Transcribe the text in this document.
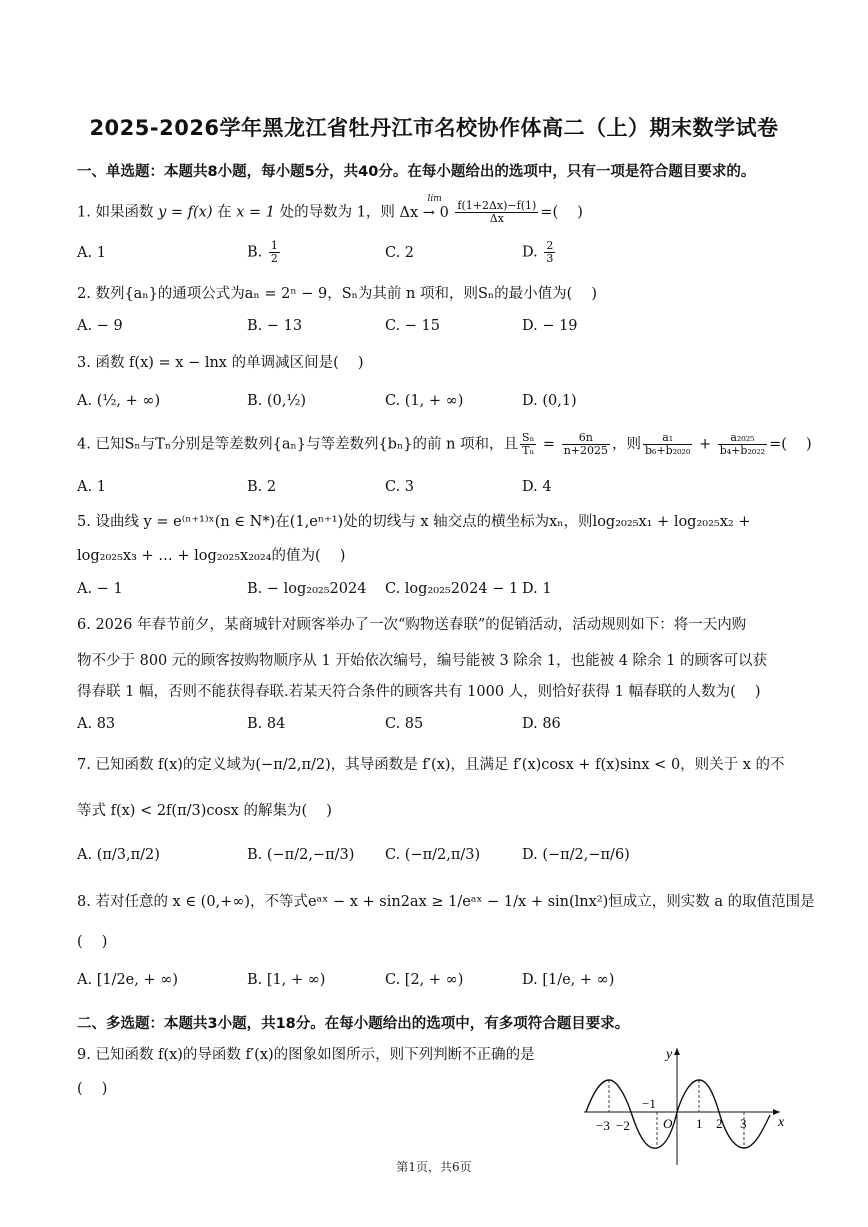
2025-2026学年黑龙江省牡丹江市名校协作体高二（上）期末数学试卷
一、单选题：本题共8小题，每小题5分，共40分。在每小题给出的选项中，只有一项是符合题目要求的。
1. 如果函数 y = f(x) 在 x = 1 处的导数为 1，则
lim
$\Delta x \to 0 \frac{f(1+2\Delta x)-f(1)}{\Delta x}$ =(　 )
A. 1	B. $\frac{1}{2}$	C. 2	D. $\frac{2}{3}$
2. 数列{aₙ}的通项公式为aₙ = 2ⁿ − 9，Sₙ为其前 n 项和，则Sₙ的最小值为(　 )
A. − 9	B. − 13	C. − 15	D. − 19
3. 函数 f(x) = x − lnx 的单调减区间是(　 )
A. (½, + ∞)	B. (0,½)	C. (1, + ∞)	D. (0,1)
4. 已知Sₙ与Tₙ分别是等差数列{aₙ}与等差数列{bₙ}的前 n 项和，且 $\frac{\text{Sₙ}}{\text{Tₙ}} = \frac{6n}{n+2025}$ ，则 $\frac{\text{a₁}}{\text{b₆+b₂₀₂₀}} + \frac{\text{a₂₀₂₅}}{\text{b₄+b₂₀₂₂}}$ =(　 )
A. 1	B. 2	C. 3	D. 4
5. 设曲线 y = e⁽ⁿ⁺¹⁾ˣ(n ∈ N*)在(1,eⁿ⁺¹)处的切线与 x 轴交点的横坐标为xₙ，则log₂₀₂₅x₁ + log₂₀₂₅x₂ +
log₂₀₂₅x₃ + … + log₂₀₂₅x₂₀₂₄的值为(　 )
A. − 1	B. − log₂₀₂₅2024 C. log₂₀₂₅2024 − 1 D. 1
6. 2026 年春节前夕，某商城针对顾客举办了一次“购物送春联”的促销活动，活动规则如下：将一天内购
物不少于 800 元的顾客按购物顺序从 1 开始依次编号，编号能被 3 除余 1，也能被 4 除余 1 的顾客可以获
得春联 1 幅，否则不能获得春联.若某天符合条件的顾客共有 1000 人，则恰好获得 1 幅春联的人数为(　 )
A. 83	B. 84	C. 85	D. 86
7. 已知函数 f(x)的定义域为(−π/2,π/2)，其导函数是 f′(x)，且满足 f′(x)cosx + f(x)sinx < 0，则关于 x 的不
等式 f(x) < 2f(π/3)cosx 的解集为(　 )
A. (π/3,π/2)	B. (−π/2,−π/3) C. (−π/2,π/3)	D. (−π/2,−π/6)
8. 若对任意的 x ∈ (0,+∞)，不等式eᵃˣ − x + sin2ax ≥ 1/eᵃˣ − 1/x + sin(lnx²)恒成立，则实数 a 的取值范围是
(　 )
A. [1/2e, + ∞)	B. [1, + ∞)	C. [2, + ∞)	D. [1/e, + ∞)
二、多选题：本题共3小题，共18分。在每小题给出的选项中，有多项符合题目要求。
9. 已知函数 f(x)的导函数 f′(x)的图象如图所示，则下列判断不正确的是
(　 )
y
x
O
−3 −2
−1
1 2 3
第1页，共6页
